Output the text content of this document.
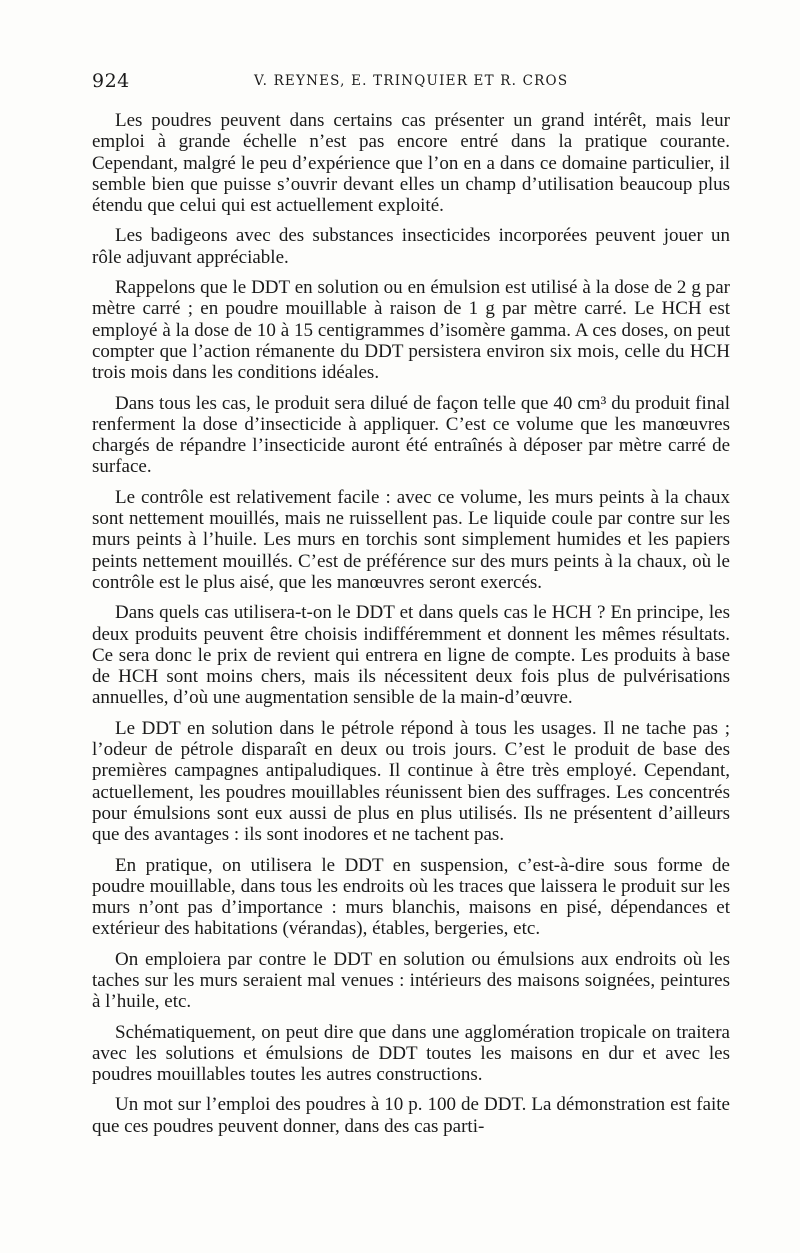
924	V. REYNES, E. TRINQUIER ET R. CROS

Les poudres peuvent dans certains cas présenter un grand intérêt, mais leur emploi à grande échelle n’est pas encore entré dans la pratique courante. Cependant, malgré le peu d’expérience que l’on en a dans ce domaine particulier, il semble bien que puisse s’ouvrir devant elles un champ d’utilisation beaucoup plus étendu que celui qui est actuellement exploité.

Les badigeons avec des substances insecticides incorporées peuvent jouer un rôle adjuvant appréciable.

Rappelons que le DDT en solution ou en émulsion est utilisé à la dose de 2 g par mètre carré ; en poudre mouillable à raison de 1 g par mètre carré. Le HCH est employé à la dose de 10 à 15 centigrammes d’isomère gamma. A ces doses, on peut compter que l’action rémanente du DDT persistera environ six mois, celle du HCH trois mois dans les conditions idéales.

Dans tous les cas, le produit sera dilué de façon telle que 40 cm³ du produit final renferment la dose d’insecticide à appliquer. C’est ce volume que les manœuvres chargés de répandre l’insecticide auront été entraînés à déposer par mètre carré de surface.

Le contrôle est relativement facile : avec ce volume, les murs peints à la chaux sont nettement mouillés, mais ne ruissellent pas. Le liquide coule par contre sur les murs peints à l’huile. Les murs en torchis sont simplement humides et les papiers peints nettement mouillés. C’est de préférence sur des murs peints à la chaux, où le contrôle est le plus aisé, que les manœuvres seront exercés.

Dans quels cas utilisera-t-on le DDT et dans quels cas le HCH ? En principe, les deux produits peuvent être choisis indifféremment et donnent les mêmes résultats. Ce sera donc le prix de revient qui entrera en ligne de compte. Les produits à base de HCH sont moins chers, mais ils nécessitent deux fois plus de pulvérisations annuelles, d’où une augmentation sensible de la main-d’œuvre.

Le DDT en solution dans le pétrole répond à tous les usages. Il ne tache pas ; l’odeur de pétrole disparaît en deux ou trois jours. C’est le produit de base des premières campagnes antipaludiques. Il continue à être très employé. Cependant, actuellement, les poudres mouillables réunissent bien des suffrages. Les concentrés pour émulsions sont eux aussi de plus en plus utilisés. Ils ne présentent d’ailleurs que des avantages : ils sont inodores et ne tachent pas.

En pratique, on utilisera le DDT en suspension, c’est-à-dire sous forme de poudre mouillable, dans tous les endroits où les traces que laissera le produit sur les murs n’ont pas d’importance : murs blanchis, maisons en pisé, dépendances et extérieur des habitations (vérandas), étables, bergeries, etc.

On emploiera par contre le DDT en solution ou émulsions aux endroits où les taches sur les murs seraient mal venues : intérieurs des maisons soignées, peintures à l’huile, etc.

Schématiquement, on peut dire que dans une agglomération tropicale on traitera avec les solutions et émulsions de DDT toutes les maisons en dur et avec les poudres mouillables toutes les autres constructions.

Un mot sur l’emploi des poudres à 10 p. 100 de DDT. La démonstration est faite que ces poudres peuvent donner, dans des cas parti-
